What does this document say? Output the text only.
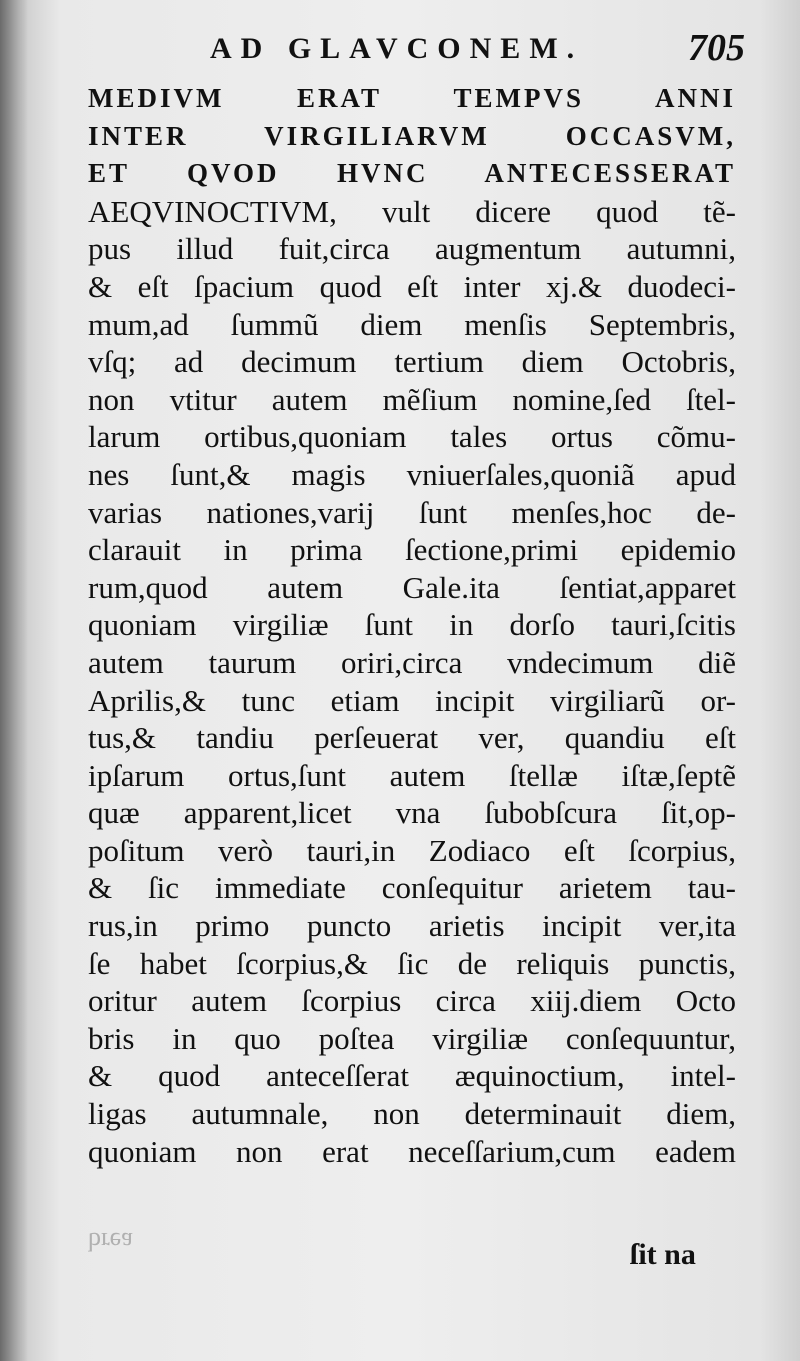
AD GLAVCONEM.	705
MEDIVM ERAT TEMPVS ANNI
INTER VIRGILIARVM OCCASVM,
ET QVOD HVNC ANTECESSERAT
AEQVINOCTIVM, vult dicere quod tẽ-
pus illud fuit,circa augmentum autumni,
& eſt ſpacium quod eſt inter xj.& duodeci-
mum,ad ſummũ diem menſis Septembris,
vſq; ad decimum tertium diem Octobris,
non vtitur autem mẽſium nomine,ſed ſtel-
larum ortibus,quoniam tales ortus cõmu-
nes ſunt,& magis vniuerſales,quoniã apud
varias nationes,varij ſunt menſes,hoc de-
clarauit in prima ſectione,primi epidemio
rum,quod autem Gale.ita ſentiat,apparet
quoniam virgiliæ ſunt in dorſo tauri,ſcitis
autem taurum oriri,circa vndecimum diẽ
Aprilis,& tunc etiam incipit virgiliarũ or-
tus,& tandiu perſeuerat ver, quandiu eſt
ipſarum ortus,ſunt autem ſtellæ iſtæ,ſeptẽ
quæ apparent,licet vna ſubobſcura ſit,op-
poſitum verò tauri,in Zodiaco eſt ſcorpius,
& ſic immediate conſequitur arietem tau-
rus,in primo puncto arietis incipit ver,ita
ſe habet ſcorpius,& ſic de reliquis punctis,
oritur autem ſcorpius circa xiij.diem Octo
bris in quo poſtea virgiliæ conſequuntur,
& quod anteceſſerat æquinoctium, intel-
ligas autumnale, non determinauit diem,
quoniam non erat neceſſarium,cum eadem
brea	ſit na
